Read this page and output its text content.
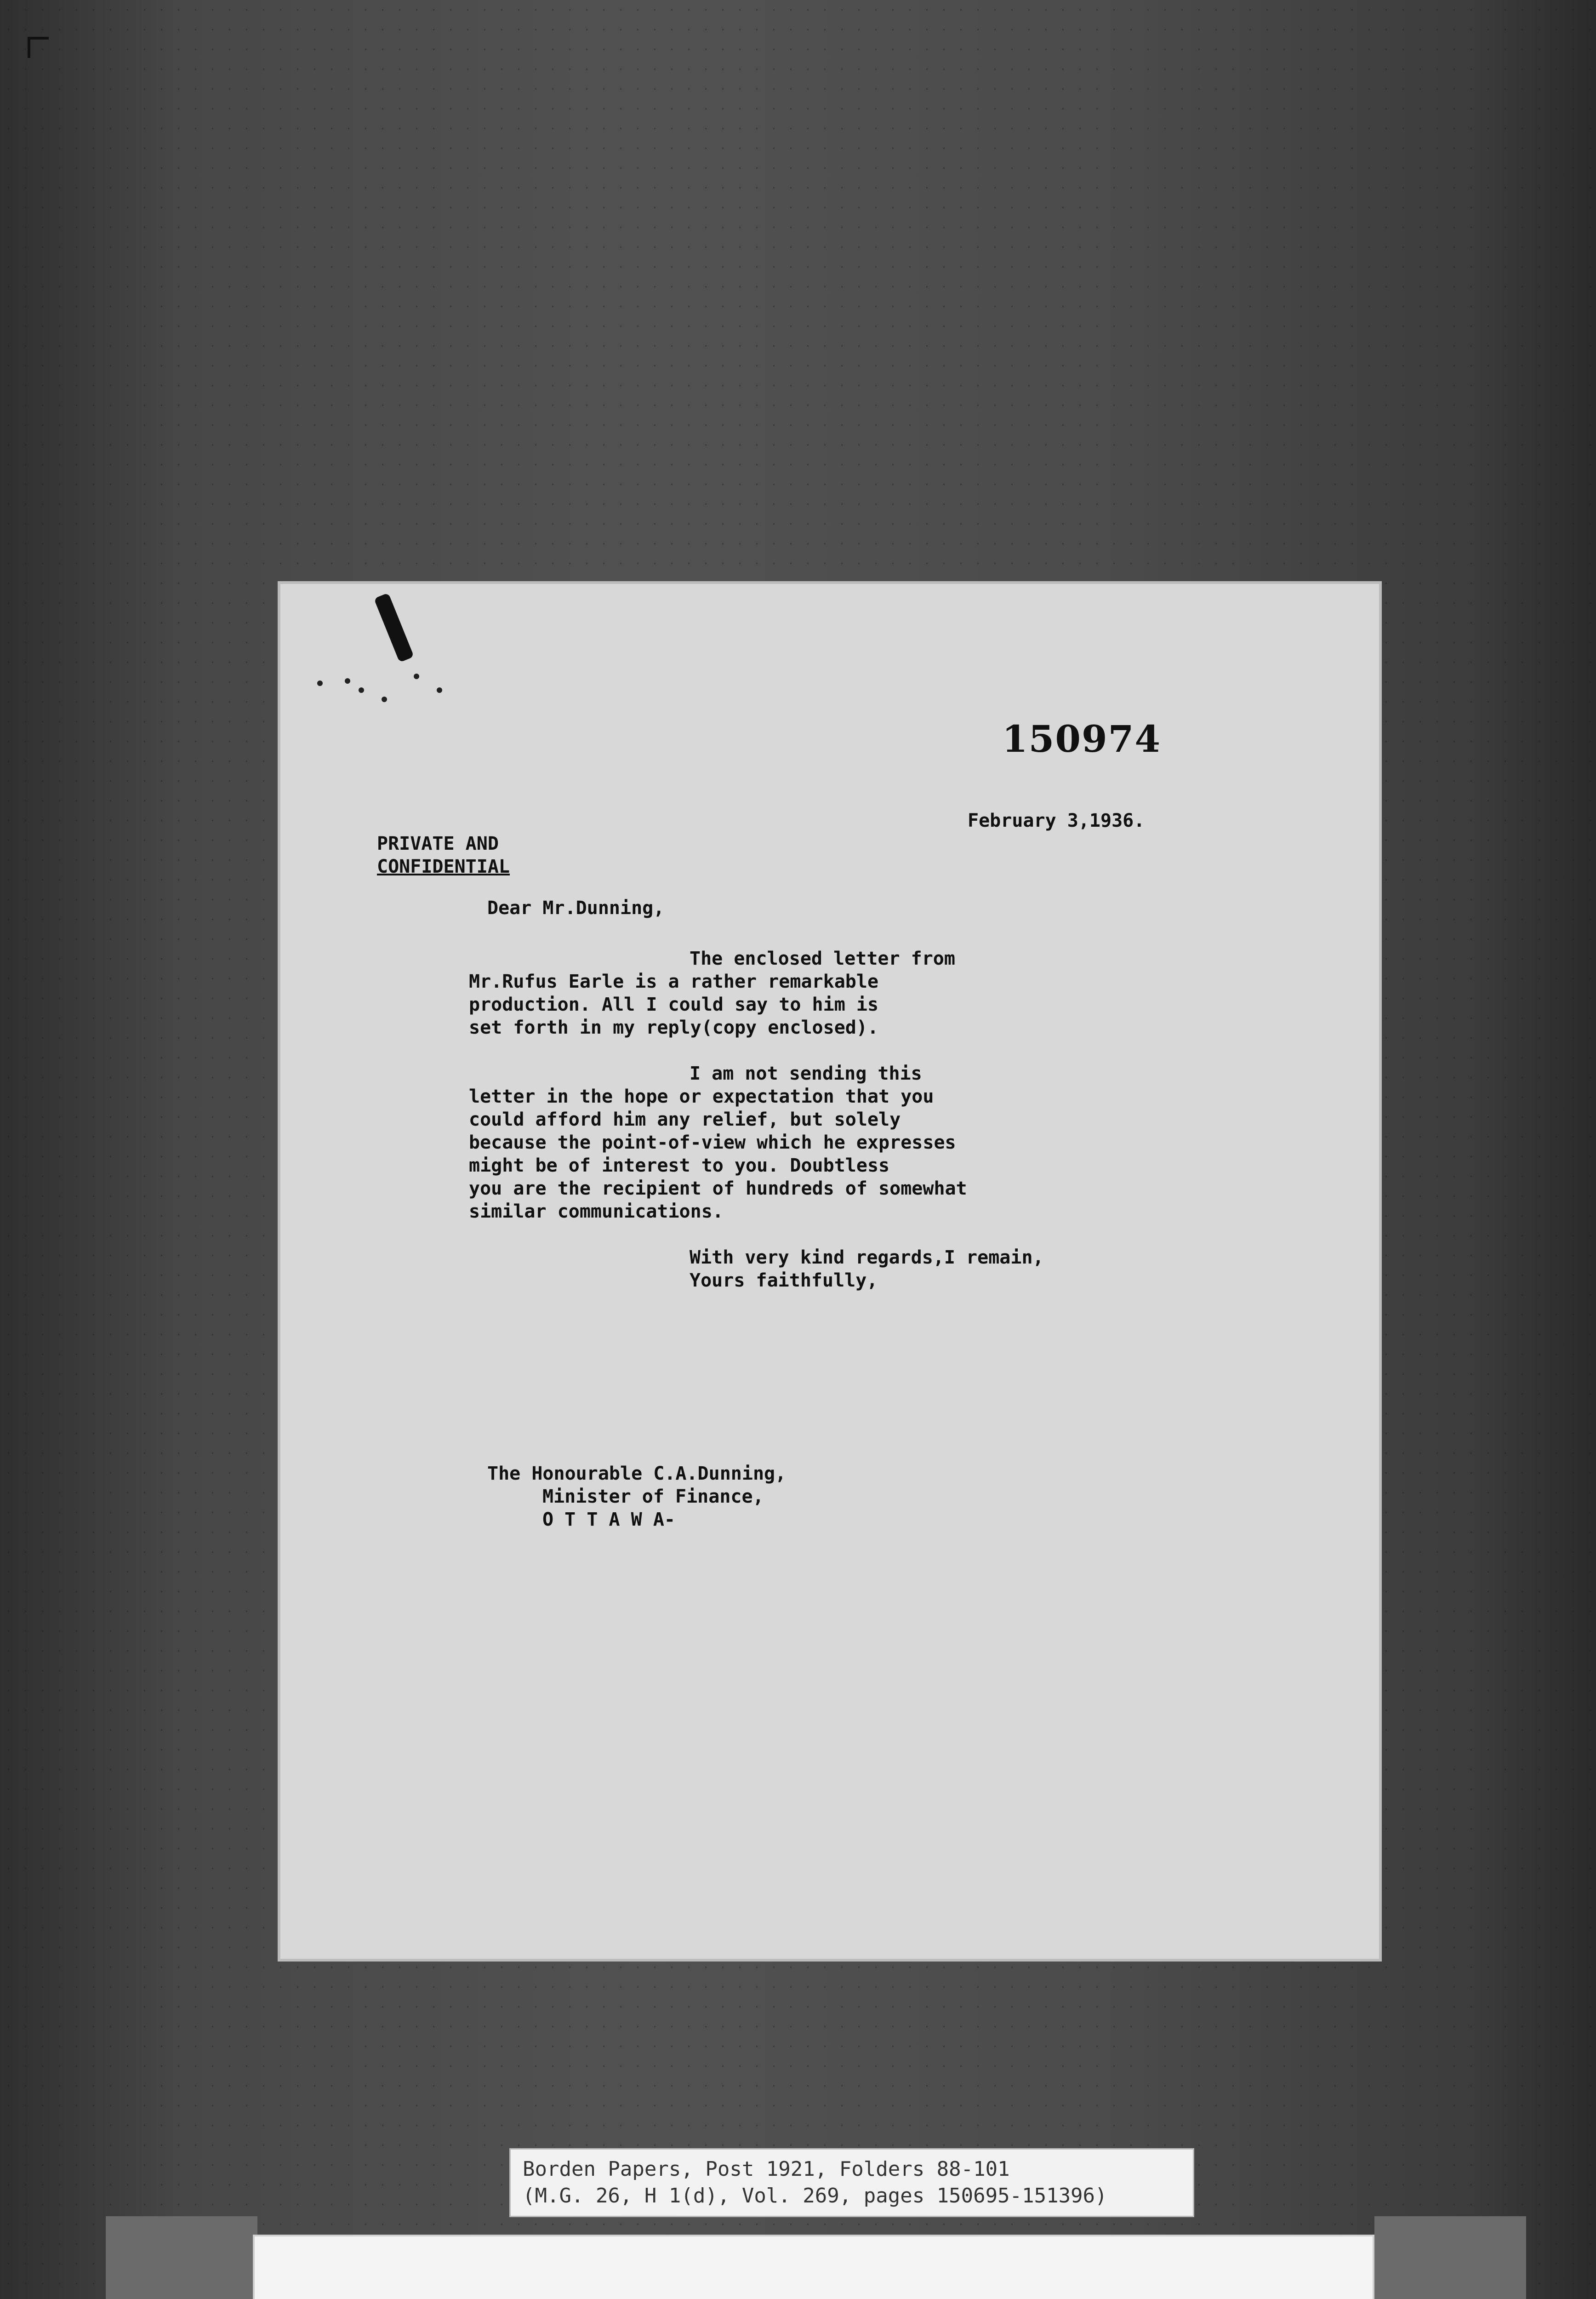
150974
February 3,1936.
PRIVATE AND
CONFIDENTIAL
Dear Mr.Dunning,
The enclosed letter from
Mr.Rufus Earle is a rather remarkable
production. All I could say to him is
set forth in my reply(copy enclosed).
I am not sending this
letter in the hope or expectation that you
could afford him any relief, but solely
because the point-of-view which he expresses
might be of interest to you. Doubtless
you are the recipient of hundreds of somewhat
similar communications.
With very kind regards,I remain,
Yours faithfully,
The Honourable C.A.Dunning,
Minister of Finance,
O T T A W A-
Borden Papers, Post 1921, Folders 88-101
(M.G. 26, H 1(d), Vol. 269, pages 150695-151396)
